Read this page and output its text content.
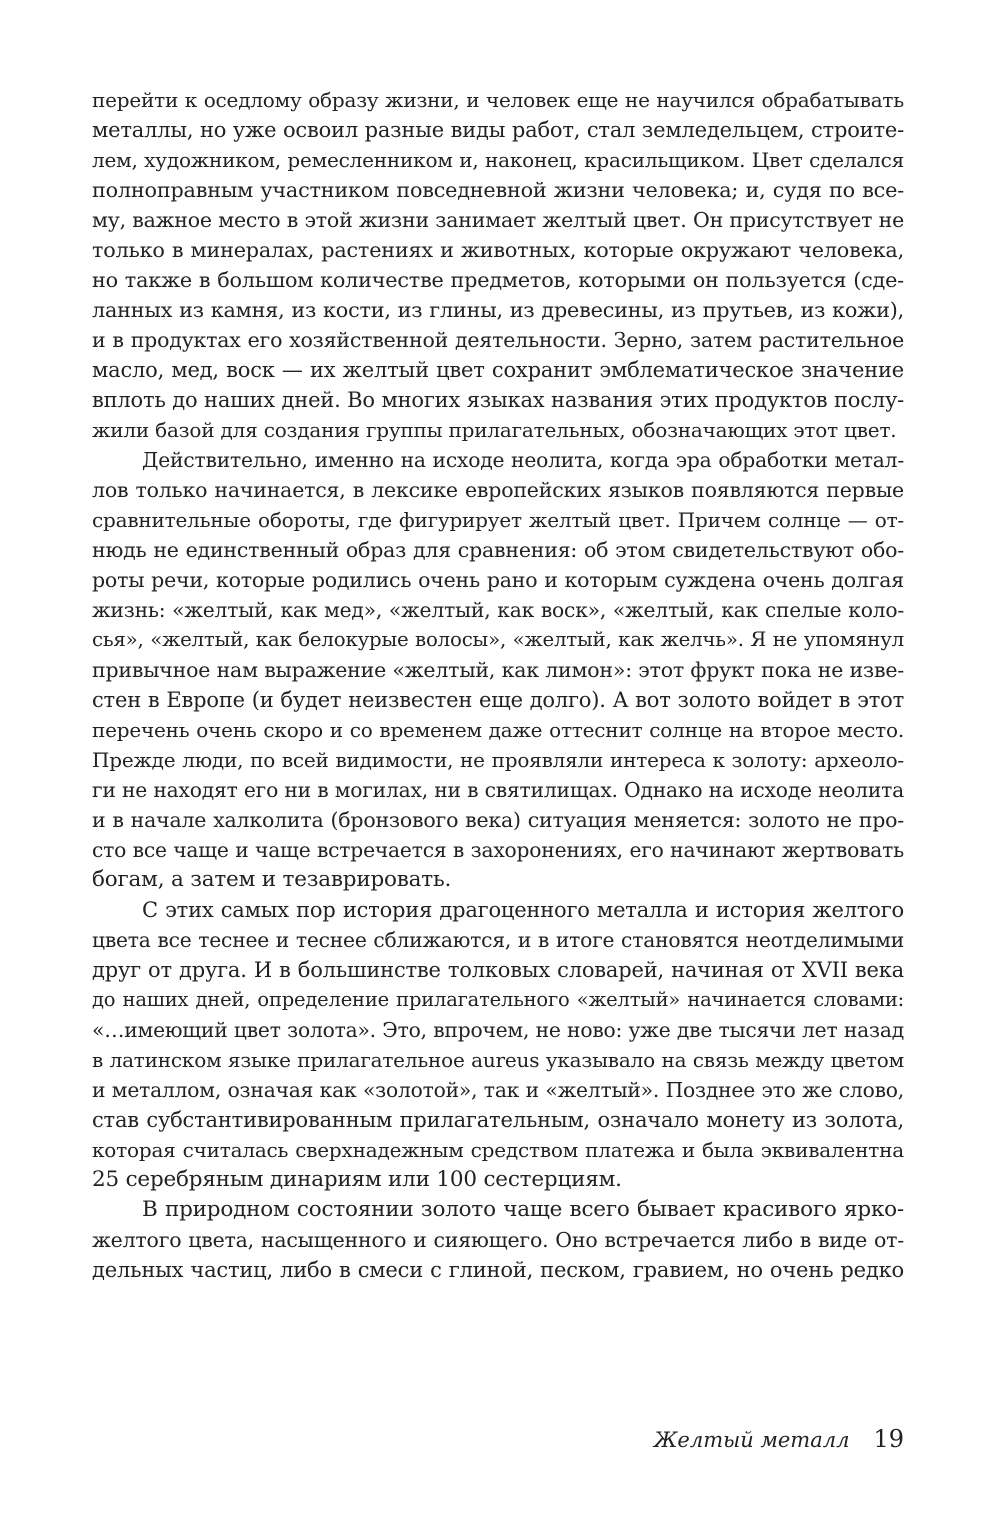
перейти к оседлому образу жизни, и человек еще не научился обрабатывать
металлы, но уже освоил разные виды работ, стал земледельцем, строите-
лем, художником, ремесленником и, наконец, красильщиком. Цвет сделался
полноправным участником повседневной жизни человека; и, судя по все-
му, важное место в этой жизни занимает желтый цвет. Он присутствует не
только в минералах, растениях и животных, которые окружают человека,
но также в большом количестве предметов, которыми он пользуется (сде-
ланных из камня, из кости, из глины, из древесины, из прутьев, из кожи),
и в продуктах его хозяйственной деятельности. Зерно, затем растительное
масло, мед, воск — их желтый цвет сохранит эмблематическое значение
вплоть до наших дней. Во многих языках названия этих продуктов послу-
жили базой для создания группы прилагательных, обозначающих этот цвет.
Действительно, именно на исходе неолита, когда эра обработки метал-
лов только начинается, в лексике европейских языков появляются первые
сравнительные обороты, где фигурирует желтый цвет. Причем солнце — от-
нюдь не единственный образ для сравнения: об этом свидетельствуют обо-
роты речи, которые родились очень рано и которым суждена очень долгая
жизнь: «желтый, как мед», «желтый, как воск», «желтый, как спелые коло-
сья», «желтый, как белокурые волосы», «желтый, как желчь». Я не упомянул
привычное нам выражение «желтый, как лимон»: этот фрукт пока не изве-
стен в Европе (и будет неизвестен еще долго). А вот золото войдет в этот
перечень очень скоро и со временем даже оттеснит солнце на второе место.
Прежде люди, по всей видимости, не проявляли интереса к золоту: археоло-
ги не находят его ни в могилах, ни в святилищах. Однако на исходе неолита
и в начале халколита (бронзового века) ситуация меняется: золото не про-
сто все чаще и чаще встречается в захоронениях, его начинают жертвовать
богам, а затем и тезаврировать.
С этих самых пор история драгоценного металла и история желтого
цвета все теснее и теснее сближаются, и в итоге становятся неотделимыми
друг от друга. И в большинстве толковых словарей, начиная от XVII века
до наших дней, определение прилагательного «желтый» начинается словами:
«…имеющий цвет золота». Это, впрочем, не ново: уже две тысячи лет назад
в латинском языке прилагательное aureus указывало на связь между цветом
и металлом, означая как «золотой», так и «желтый». Позднее это же слово,
став субстантивированным прилагательным, означало монету из золота,
которая считалась сверхнадежным средством платежа и была эквивалентна
25 серебряным динариям или 100 сестерциям.
В природном состоянии золото чаще всего бывает красивого ярко-
желтого цвета, насыщенного и сияющего. Оно встречается либо в виде от-
дельных частиц, либо в смеси с глиной, песком, гравием, но очень редко
Желтый металл 19
